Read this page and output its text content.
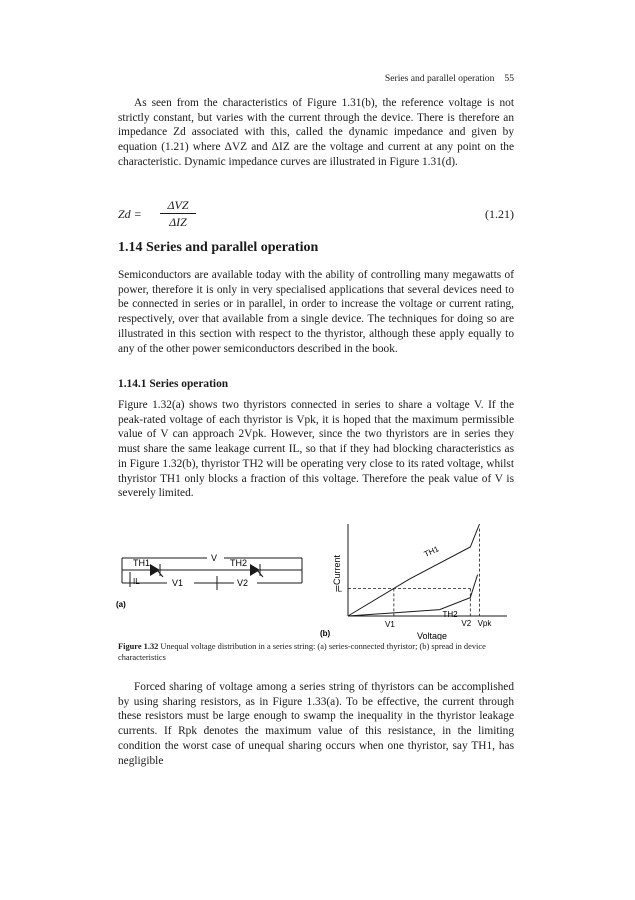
Series and parallel operation 55
As seen from the characteristics of Figure 1.31(b), the reference voltage is not strictly constant, but varies with the current through the device. There is therefore an impedance Zd associated with this, called the dynamic impedance and given by equation (1.21) where ΔVZ and ΔIZ are the voltage and current at any point on the characteristic. Dynamic impedance curves are illustrated in Figure 1.31(d).
Zd =
ΔVZ
ΔIZ
(1.21)
1.14 Series and parallel operation
Semiconductors are available today with the ability of controlling many megawatts of power, therefore it is only in very specialised applications that several devices need to be connected in series or in parallel, in order to increase the voltage or current rating, respectively, over that available from a single device. The techniques for doing so are illustrated in this section with respect to the thyristor, although these apply equally to any of the other power semiconductors described in the book.
1.14.1 Series operation
Figure 1.32(a) shows two thyristors connected in series to share a voltage V. If the peak-rated voltage of each thyristor is Vpk, it is hoped that the maximum permissible value of V can approach 2Vpk. However, since the two thyristors are in series they must share the same leakage current IL, so that if they had blocking characteristics as in Figure 1.32(b), thyristor TH2 will be operating very close to its rated voltage, whilst thyristor TH1 only blocks a fraction of this voltage. Therefore the peak value of V is severely limited.
TH1	V TH2
IL	V1	V2
(a)
Current
Voltage
(b)
IL
TH1
TH2
V1	V2 Vpk
Figure 1.32 Unequal voltage distribution in a series string: (a) series-connected thyristor; (b) spread in device characteristics
Forced sharing of voltage among a series string of thyristors can be accomplished by using sharing resistors, as in Figure 1.33(a). To be effective, the current through these resistors must be large enough to swamp the inequality in the thyristor leakage currents. If Rpk denotes the maximum value of this resistance, in the limiting condition the worst case of unequal sharing occurs when one thyristor, say TH1, has negligible
